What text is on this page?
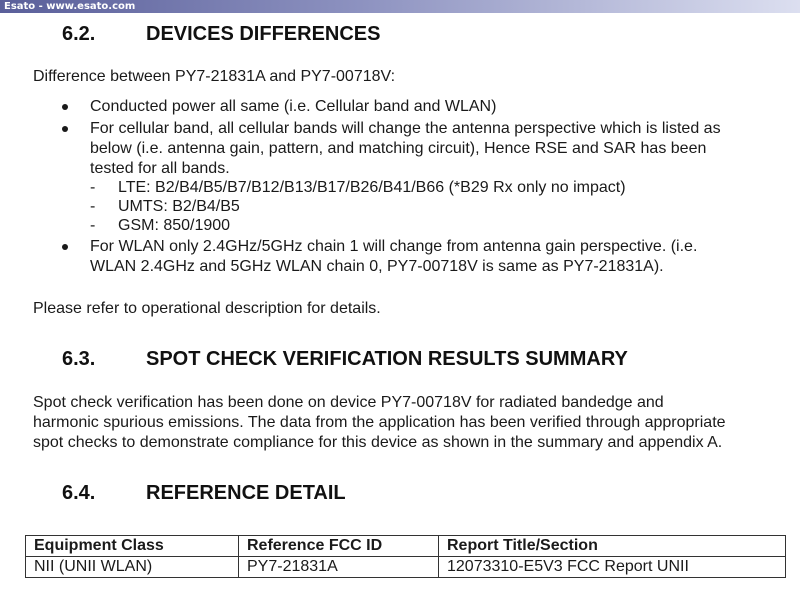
Esato - www.esato.com
6.2.	DEVICES DIFFERENCES
Difference between PY7-21831A and PY7-00718V:
Conducted power all same (i.e. Cellular band and WLAN)
For cellular band, all cellular bands will change the antenna perspective which is listed as
below (i.e. antenna gain, pattern, and matching circuit), Hence RSE and SAR has been
tested for all bands.
- LTE: B2/B4/B5/B7/B12/B13/B17/B26/B41/B66 (*B29 Rx only no impact)
- UMTS: B2/B4/B5
- GSM: 850/1900
For WLAN only 2.4GHz/5GHz chain 1 will change from antenna gain perspective. (i.e.
WLAN 2.4GHz and 5GHz WLAN chain 0, PY7-00718V is same as PY7-21831A).
Please refer to operational description for details.
6.3.	SPOT CHECK VERIFICATION RESULTS SUMMARY
Spot check verification has been done on device PY7-00718V for radiated bandedge and
harmonic spurious emissions. The data from the application has been verified through appropriate
spot checks to demonstrate compliance for this device as shown in the summary and appendix A.
6.4.	REFERENCE DETAIL
Equipment Class	Reference FCC ID	Report Title/Section
NII (UNII WLAN)	PY7-21831A	12073310-E5V3 FCC Report UNII
